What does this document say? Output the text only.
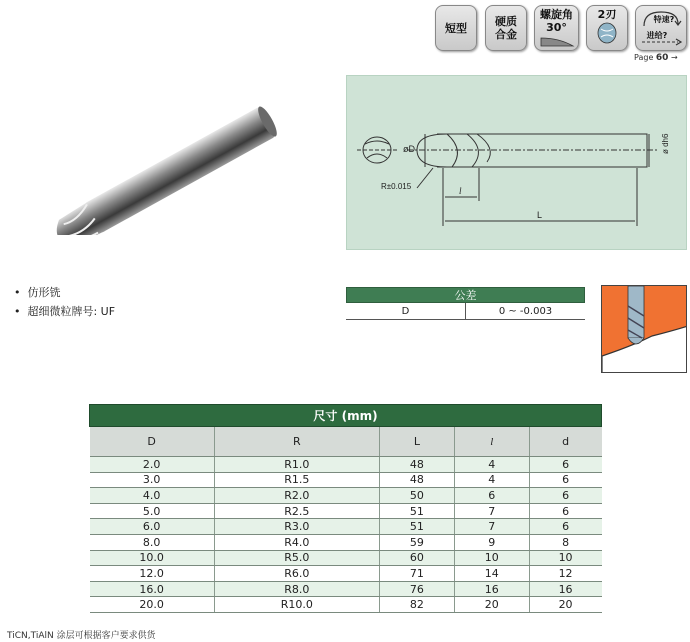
短型	硬质
合金
螺旋角
30°
2刃	特速?
进给?
Page 60 →
øD
R±0.015	l
L
ø dh6
•  仿形铣
•  超细微粒牌号: UF
公差
D	0 ~ -0.003
尺寸 (mm)				
D	R	L	l	d
2.0	R1.0	48	4	6
3.0	R1.5	48	4	6
4.0	R2.0	50	6	6
5.0	R2.5	51	7	6
6.0	R3.0	51	7	6
8.0	R4.0	59	9	8
10.0	R5.0	60	10	10
12.0	R6.0	71	14	12
16.0	R8.0	76	16	16
20.0	R10.0	82	20	20
TiCN,TiAlN 涂层可根据客户要求供货
